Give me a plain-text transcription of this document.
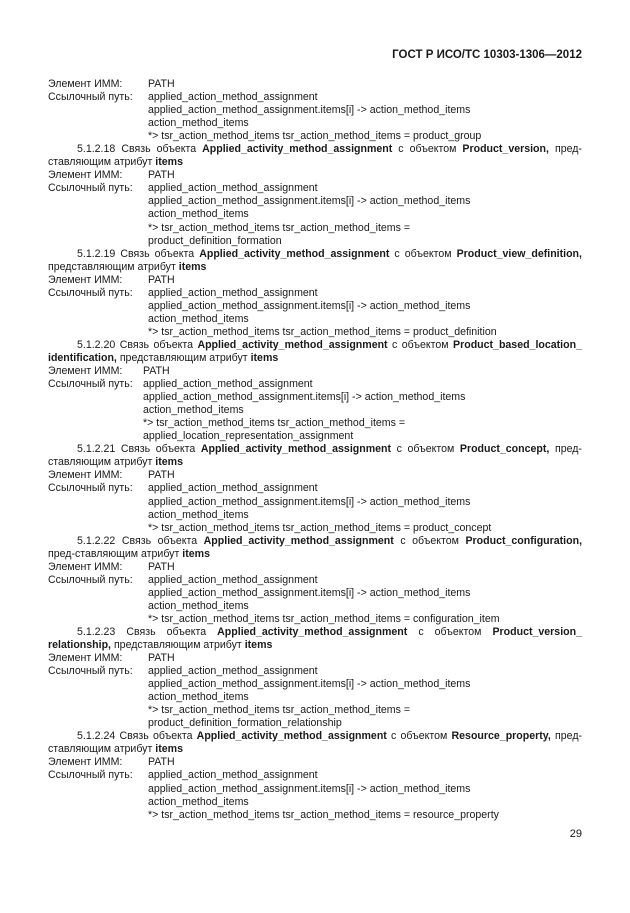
ГОСТ Р ИСО/ТС 10303-1306—2012
Элемент ИММ:	PATH
Ссылочный путь:	applied_action_method_assignment
applied_action_method_assignment.items[i] -> action_method_items
action_method_items
*> tsr_action_method_items tsr_action_method_items = product_group
5.1.2.18 Связь объекта Applied_activity_method_assignment с объектом Product_version, пред-ставляющим атрибут items
Элемент ИММ:	PATH
Ссылочный путь:	applied_action_method_assignment
applied_action_method_assignment.items[i] -> action_method_items
action_method_items
*> tsr_action_method_items tsr_action_method_items =
product_definition_formation
5.1.2.19 Связь объекта Applied_activity_method_assignment с объектом Product_view_definition, представляющим атрибут items
Элемент ИММ:	PATH
Ссылочный путь:	applied_action_method_assignment
applied_action_method_assignment.items[i] -> action_method_items
action_method_items
*> tsr_action_method_items tsr_action_method_items = product_definition
5.1.2.20 Связь объекта Applied_activity_method_assignment с объектом Product_based_location_ identification, представляющим атрибут items
Элемент ИММ:	PATH
Ссылочный путь: applied_action_method_assignment
applied_action_method_assignment.items[i] -> action_method_items
action_method_items
*> tsr_action_method_items tsr_action_method_items =
applied_location_representation_assignment
5.1.2.21 Связь объекта Applied_activity_method_assignment с объектом Product_concept, пред-ставляющим атрибут items
Элемент ИММ:	PATH
Ссылочный путь:	applied_action_method_assignment
applied_action_method_assignment.items[i] -> action_method_items
action_method_items
*> tsr_action_method_items tsr_action_method_items = product_concept
5.1.2.22 Связь объекта Applied_activity_method_assignment с объектом Product_configuration, пред-ставляющим атрибут items
Элемент ИММ:	PATH
Ссылочный путь:	applied_action_method_assignment
applied_action_method_assignment.items[i] -> action_method_items
action_method_items
*> tsr_action_method_items tsr_action_method_items = configuration_item
5.1.2.23 Связь объекта Applied_activity_method_assignment с объектом Product_version_ relationship, представляющим атрибут items
Элемент ИММ:	PATH
Ссылочный путь:	applied_action_method_assignment
applied_action_method_assignment.items[i] -> action_method_items
action_method_items
*> tsr_action_method_items tsr_action_method_items =
product_definition_formation_relationship
5.1.2.24 Связь объекта Applied_activity_method_assignment с объектом Resource_property, пред-ставляющим атрибут items
Элемент ИММ:	PATH
Ссылочный путь:	applied_action_method_assignment
applied_action_method_assignment.items[i] -> action_method_items
action_method_items
*> tsr_action_method_items tsr_action_method_items = resource_property
29
